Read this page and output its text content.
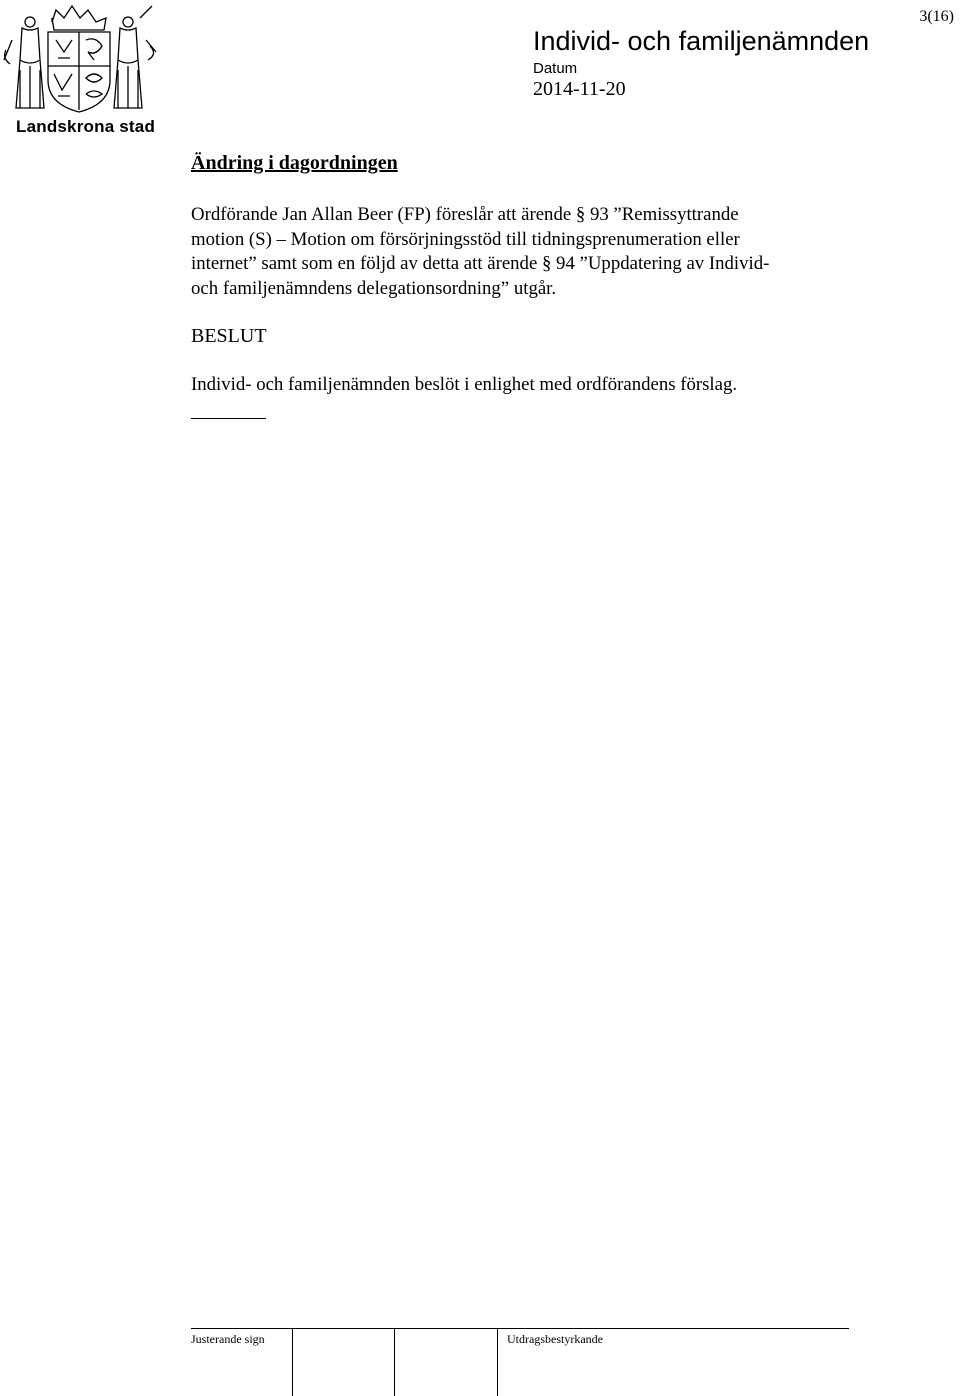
Landskrona stad
3(16)
Individ- och familjenämnden
Datum
2014-11-20
Ändring i dagordningen
Ordförande Jan Allan Beer (FP) föreslår att ärende § 93 ”Remissyttrande
motion (S) – Motion om försörjningsstöd till tidningsprenumeration eller
internet” samt som en följd av detta att ärende § 94 ”Uppdatering av Individ-
och familjenämndens delegationsordning” utgår.
BESLUT
Individ- och familjenämnden beslöt i enlighet med ordförandens förslag.
Justerande sign	Utdragsbestyrkande
